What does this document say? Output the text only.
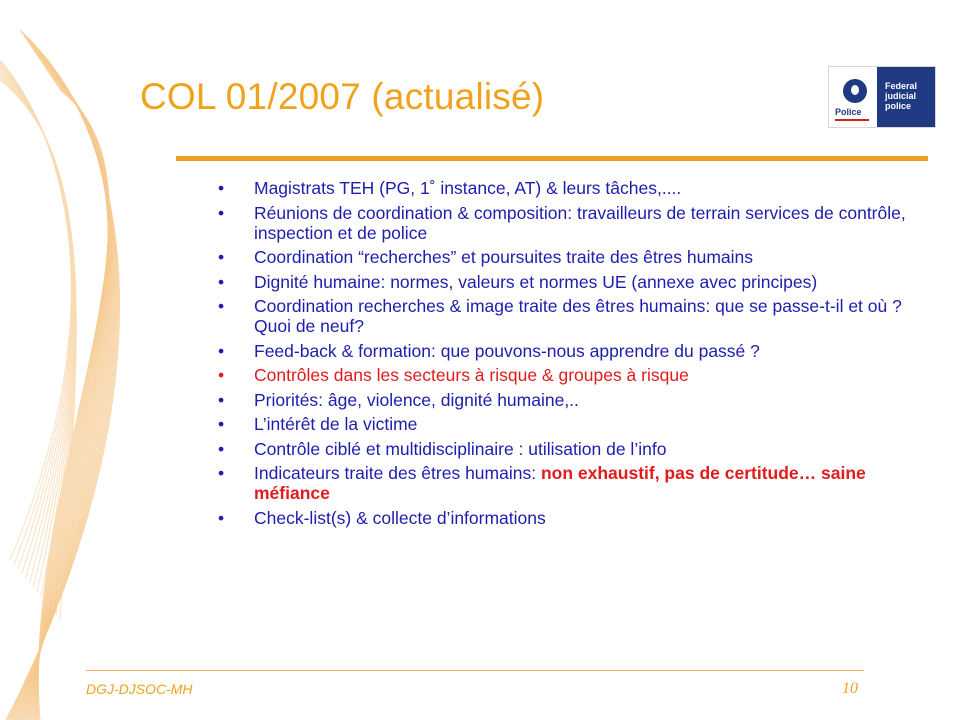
COL 01/2007 (actualisé)	Police
Federal
judicial
police
• Magistrats TEH (PG, 1˚ instance, AT) & leurs tâches,....
• Réunions de coordination & composition: travailleurs de terrain services de contrôle, inspection et de police
• Coordination “recherches” et poursuites traite des êtres humains
• Dignité humaine: normes, valeurs et normes UE (annexe avec principes)
• Coordination recherches & image traite des êtres humains: que se passe-t-il et où ? Quoi de neuf?
• Feed-back & formation: que pouvons-nous apprendre du passé ?
• Contrôles dans les secteurs à risque & groupes à risque
• Priorités: âge, violence, dignité humaine,..
• L’intérêt de la victime
• Contrôle ciblé et multidisciplinaire : utilisation de l’info
• Indicateurs traite des êtres humains: non exhaustif, pas de certitude… saine méfiance
• Check-list(s) & collecte d’informations
DGJ-DJSOC-MH	10
